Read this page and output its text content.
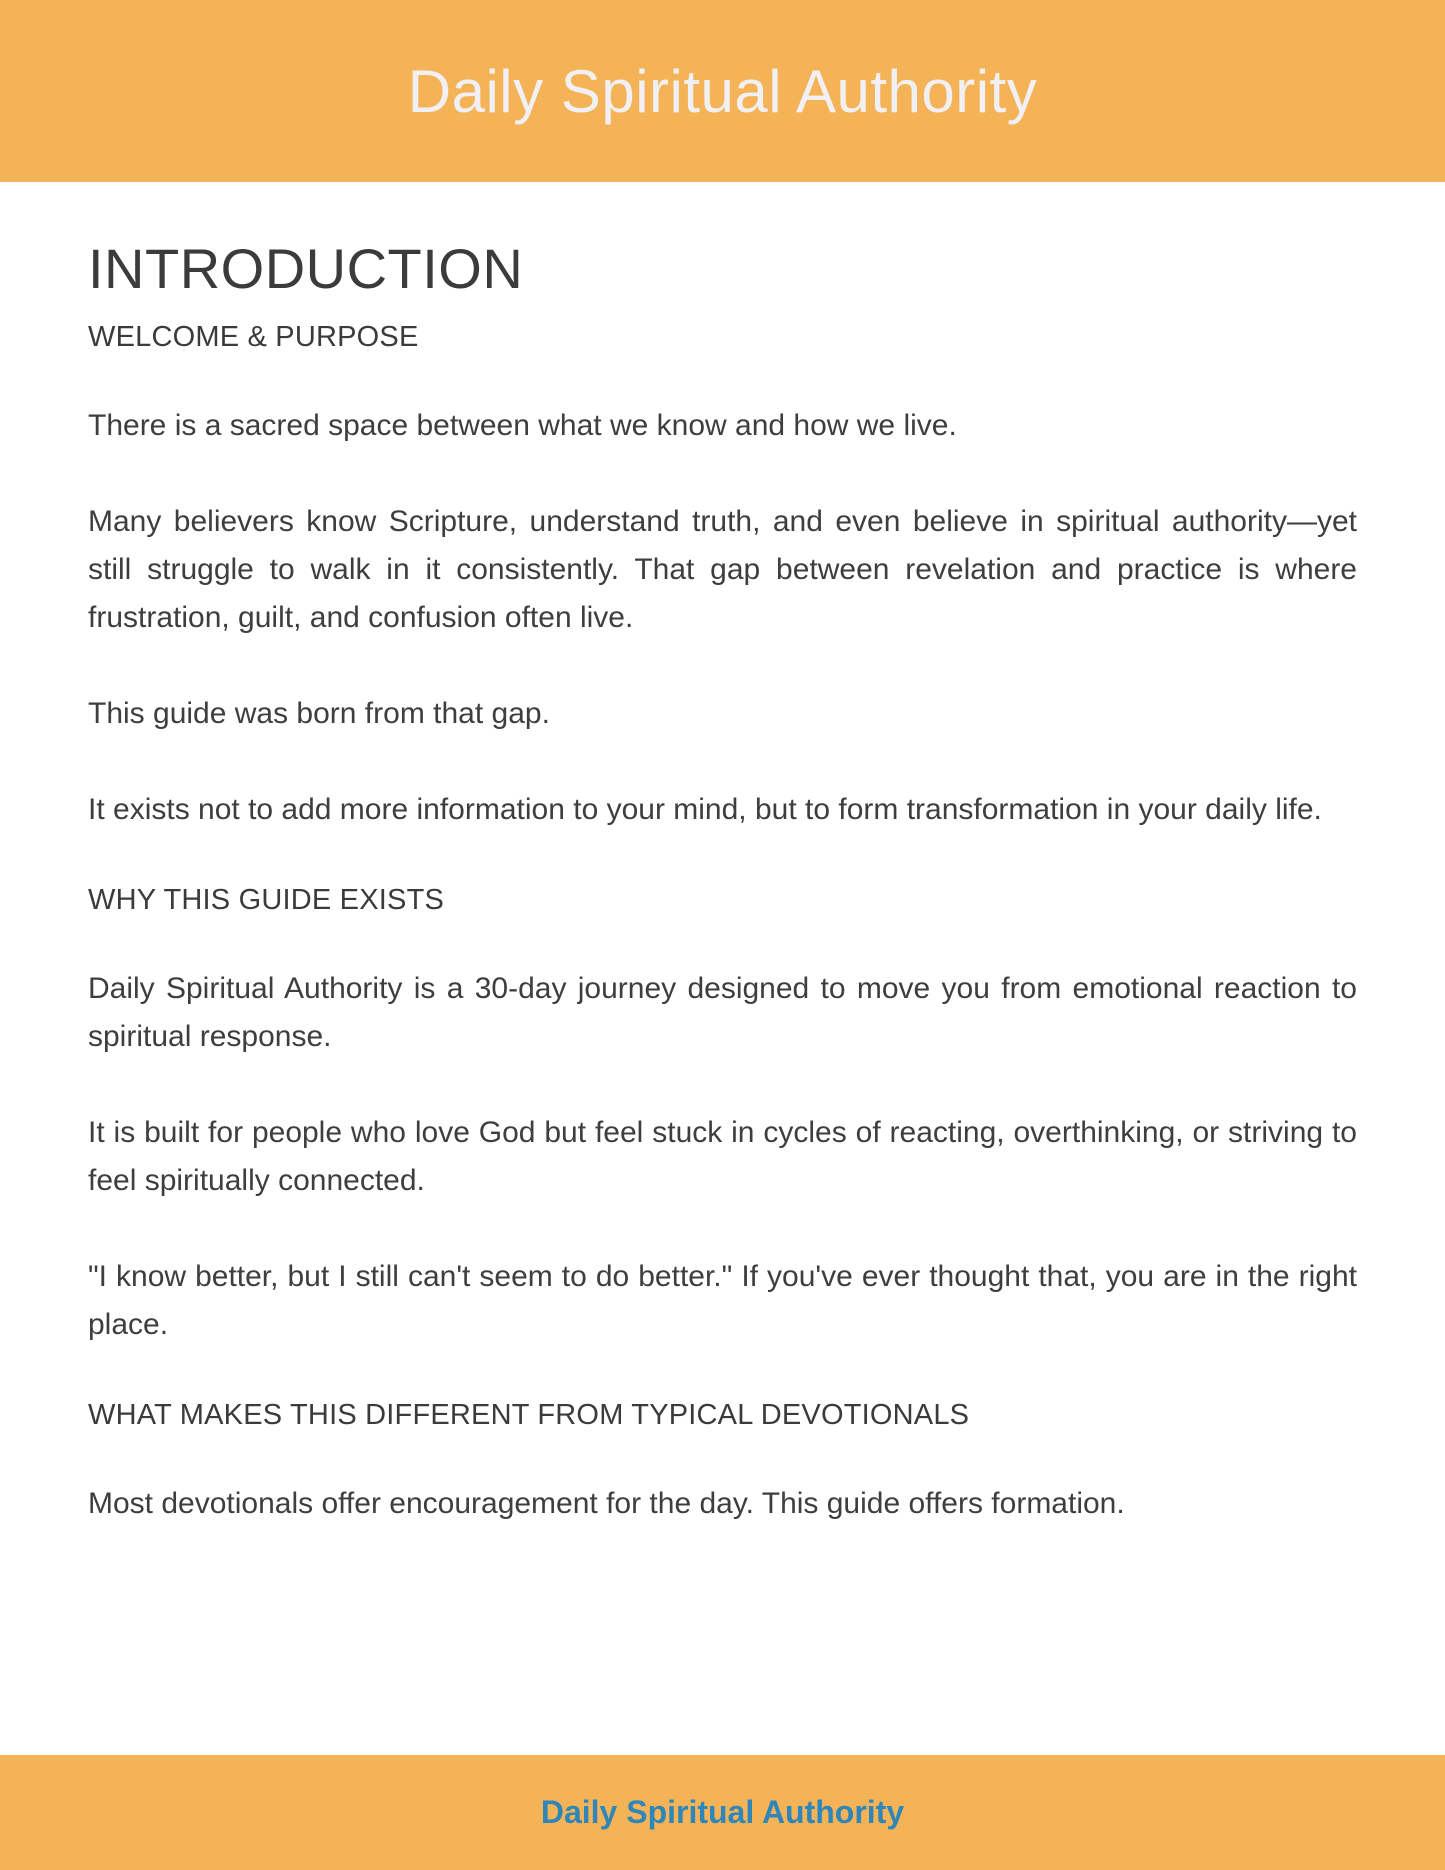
Daily Spiritual Authority
INTRODUCTION
WELCOME & PURPOSE

There is a sacred space between what we know and how we live.

Many believers know Scripture, understand truth, and even believe in spiritual authority—yet still struggle to walk in it consistently. That gap between revelation and practice is where frustration, guilt, and confusion often live.

This guide was born from that gap.

It exists not to add more information to your mind, but to form transformation in your daily life.

WHY THIS GUIDE EXISTS

Daily Spiritual Authority is a 30-day journey designed to move you from emotional reaction to spiritual response.

It is built for people who love God but feel stuck in cycles of reacting, overthinking, or striving to feel spiritually connected.

"I know better, but I still can't seem to do better." If you've ever thought that, you are in the right place.

WHAT MAKES THIS DIFFERENT FROM TYPICAL DEVOTIONALS

Most devotionals offer encouragement for the day. This guide offers formation.

Daily Spiritual Authority
